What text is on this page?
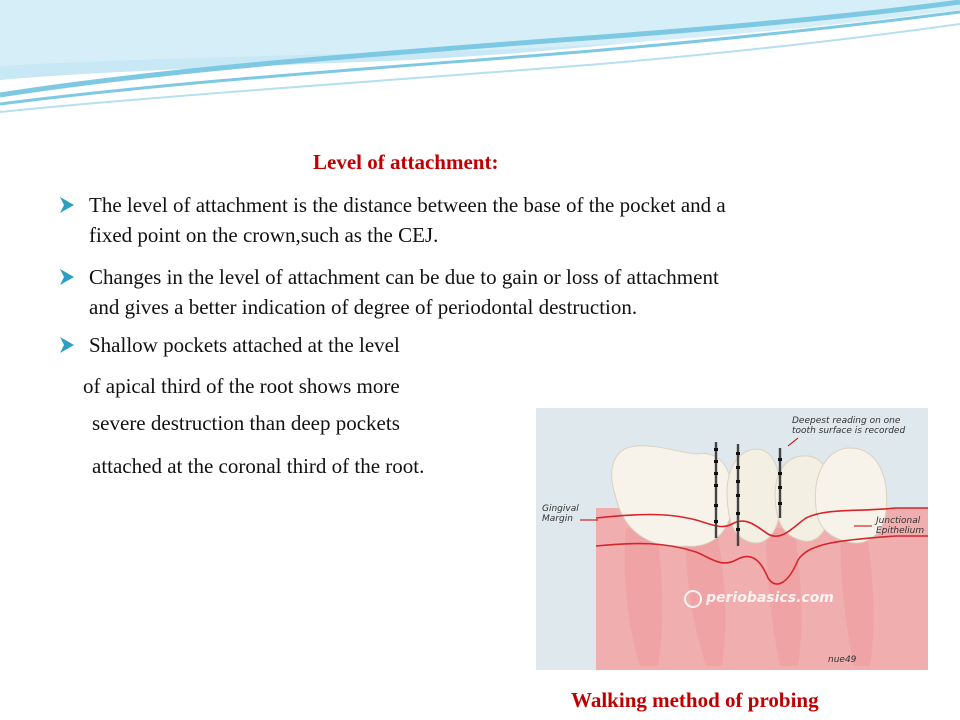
Level of attachment:
The level of attachment is the distance between the base of the pocket and a
fixed point on the crown,such as the CEJ.
Changes in the level of attachment can be due to gain or loss of attachment
and gives a better indication of degree of periodontal destruction.
Shallow pockets attached at the level
of apical third of the root shows more
severe destruction than deep pockets
attached at the coronal third of the root.
Deepest reading on one
tooth surface is recorded
Gingival
Margin	Junctional
Epithelium
periobasics.com
nue49
Walking method of probing
